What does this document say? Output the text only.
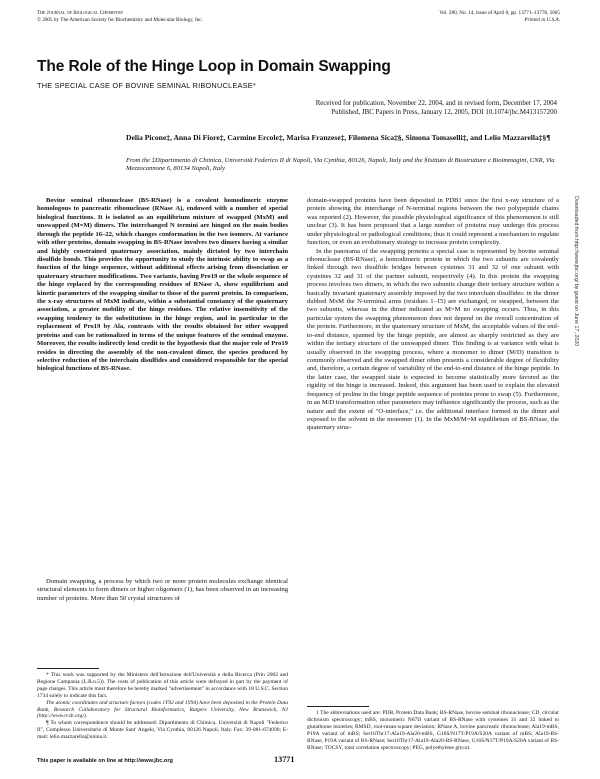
The Journal of Biological Chemistry
© 2005 by The American Society for Biochemistry and Molecular Biology, Inc.
Vol. 280, No. 14, Issue of April 8, pp. 13771–13778, 2005
Printed in U.S.A.
The Role of the Hinge Loop in Domain Swapping
THE SPECIAL CASE OF BOVINE SEMINAL RIBONUCLEASE*
Received for publication, November 22, 2004, and in revised form, December 17, 2004
Published, JBC Papers in Press, January 12, 2005, DOI 10.1074/jbc.M413157200
Delia Picone‡, Anna Di Fiore‡, Carmine Ercole‡, Marisa Franzese‡, Filomena Sica‡§, Simona Tomaselli‡, and Lelio Mazzarella‡§¶
From the ‡Dipartimento di Chimica, Università Federico II di Napoli, Via Cynthia, 80126, Napoli, Italy and the §Istituto di Biostrutture e Bioimmagini, CNR, Via Mezzocannone 6, 80134 Napoli, Italy
Bovine seminal ribonuclease (BS-RNase) is a covalent homodimeric enzyme homologous to pancreatic ribonuclease (RNase A), endowed with a number of special biological functions. It is isolated as an equilibrium mixture of swapped (MxM) and unswapped (M=M) dimers. The interchanged N termini are hinged on the main bodies through the peptide 16–22, which changes conformation in the two isomers. At variance with other proteins, domain swapping in BS-RNase involves two dimers having a similar and highly constrained quaternary association, mainly dictated by two interchain disulfide bonds. This provides the opportunity to study the intrinsic ability to swap as a function of the hinge sequence, without additional effects arising from dissociation or quaternary structure modifications. Two variants, having Pro19 or the whole sequence of the hinge replaced by the corresponding residues of RNase A, show equilibrium and kinetic parameters of the swapping similar to those of the parent protein. In comparison, the x-ray structures of MxM indicate, within a substantial constancy of the quaternary association, a greater mobility of the hinge residues. The relative insensitivity of the swapping tendency to the substitutions in the hinge region, and in particular to the replacement of Pro19 by Ala, contrasts with the results obtained for other swapped proteins and can be rationalized in terms of the unique features of the seminal enzyme. Moreover, the results indirectly lend credit to the hypothesis that the major role of Pro19 resides in directing the assembly of the non-covalent dimer, the species produced by selective reduction of the interchain disulfides and considered responsible for the special biological functions of BS-RNase.
Domain swapping, a process by which two or more protein molecules exchange identical structural elements to form dimers or higher oligomers (1), has been observed in an increasing number of proteins. More than 50 crystal structures of

domain-swapped proteins have been deposited in PDB1 since the first x-ray structure of a protein showing the interchange of N-terminal regions between the two polypeptide chains was reported (2). However, the possible physiological significance of this phenomenon is still unclear (3). It has been proposed that a large number of proteins may undergo this process under physiological or pathological conditions; thus it could represent a mechanism to regulate function, or even an evolutionary strategy to increase protein complexity.

In the panorama of the swapping proteins a special case is represented by bovine seminal ribonuclease (BS-RNase), a homodimeric protein in which the two subunits are covalently linked through two disulfide bridges between cysteines 31 and 32 of one subunit with cysteines 32 and 31 of the partner subunit, respectively (4). In this protein the swapping process involves two dimers, in which the two subunits change their tertiary structure within a basically invariant quaternary assembly imposed by the two interchain disulfides: in the dimer dubbed MxM the N-terminal arms (residues 1–15) are exchanged, or swapped, between the two subunits, whereas in the dimer indicated as M=M no swapping occurs. Thus, in this particular system the swapping phenomenon does not depend on the overall concentration of the protein. Furthermore, in the quaternary structure of MxM, the acceptable values of the end-to-end distance, spanned by the hinge peptide, are almost as sharply restricted as they are within the tertiary structure of the unswapped dimer. This finding is at variance with what is usually observed in the swapping process, where a monomer to dimer (M/D) transition is commonly observed and the swapped dimer often presents a considerable degree of flexibility and, therefore, a certain degree of variability of the end-to-end distance of the hinge peptide. In the latter case, the swapped state is expected to become statistically more favored as the rigidity of the hinge is increased. Indeed, this argument has been used to explain the elevated frequency of proline in the hinge peptide sequence of proteins prone to swap (5). Furthermore, in an M/D transformation other parameters may influence significantly the process, such as the nature and the extent of "O-interface," i.e. the additional interface formed in the dimer and exposed to the solvent in the monomer (1). In the MxM/M=M equilibrium of BS-RNase, the quaternary struc-

* This work was supported by the Ministero dell'Istruzione dell'Università e della Ricerca (Prin 2002 and Regione Campania (L.R.n.5)). The costs of publication of this article were defrayed in part by the payment of page charges. This article must therefore be hereby marked "advertisement" in accordance with 18 U.S.C. Section 1734 solely to indicate this fact.

The atomic coordinates and structure factors (codes 1Y92 and 1Y94) have been deposited in the Protein Data Bank, Research Collaboratory for Structural Bioinformatics, Rutgers University, New Brunswick, NJ (http://www.rcsb.org/).

¶ To whom correspondence should be addressed: Dipartimento di Chimica, Università di Napoli "Federico II", Complesso Universitario di Monte Sant' Angelo, Via Cynthia, 80126 Napoli, Italy. Fax: 39-081-674090; E-mail: lelio.mazzarella@unina.it.

1 The abbreviations used are: PDB, Protein Data Bank; BS-RNase, bovine seminal ribonuclease; CD, circular dichroism spectroscopy; mBS, monomeric N67D variant of BS-RNase with cysteines 31 and 32 linked to glutathione moieties; RMSD, root-mean-square deviation; RNase A, bovine pancreatic ribonuclease; Ala19-mBS, P19A variant of mBS; Ser16Thr17-Ala19-Ala20-mBS, G16S/N17T/P19A/S20A variant of mBS; Ala19-BS-RNase, P19A variant of BS-RNase; Ser16Thr17-Ala19-Ala20-BS-RNase, G16S/N17T/P19A/S20A variant of BS-RNase; TOCSY, total correlation spectroscopy; PEG, polyethylene glycol.
This paper is available on line at http://www.jbc.org	13771
Downloaded from http://www.jbc.org/ by guest on June 17, 2020
